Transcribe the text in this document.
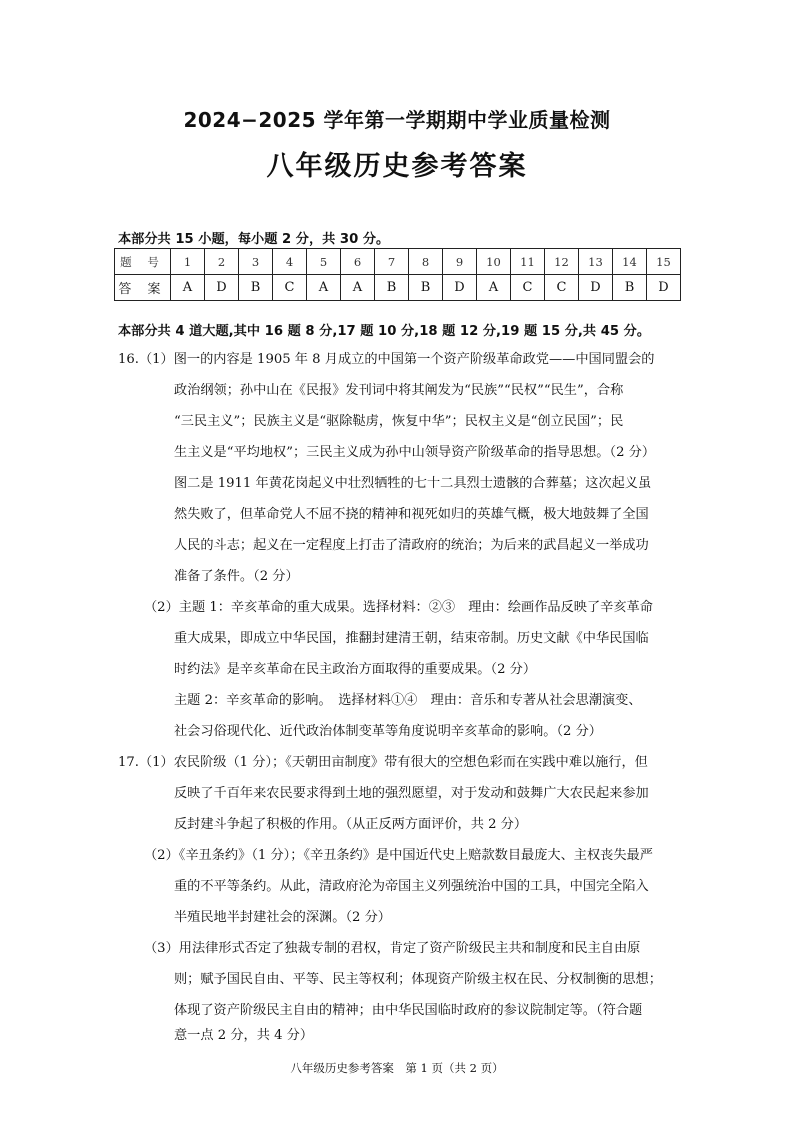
2024−2025 学年第一学期期中学业质量检测
八年级历史参考答案
本部分共 15 小题，每小题 2 分，共 30 分。
题 号	1	2	3	4	5	6	7	8	9	10	11	12	13	14	15
答 案	A	D	B	C	A	A	B	B	D	A	C	C	D	B	D
本部分共 4 道大题,其中 16 题 8 分,17 题 10 分,18 题 12 分,19 题 15 分,共 45 分。
16.（1）图一的内容是 1905 年 8 月成立的中国第一个资产阶级革命政党——中国同盟会的
政治纲领；孙中山在《民报》发刊词中将其阐发为“民族”“民权”“民生”，合称
“三民主义”；民族主义是“驱除鞑虏，恢复中华”；民权主义是“创立民国”；民
生主义是“平均地权”；三民主义成为孙中山领导资产阶级革命的指导思想。（2 分）
图二是 1911 年黄花岗起义中壮烈牺牲的七十二具烈士遗骸的合葬墓；这次起义虽
然失败了，但革命党人不屈不挠的精神和视死如归的英雄气概，极大地鼓舞了全国
人民的斗志；起义在一定程度上打击了清政府的统治；为后来的武昌起义一举成功
准备了条件。（2 分）
（2）主题 1：辛亥革命的重大成果。选择材料：②③　理由：绘画作品反映了辛亥革命
重大成果，即成立中华民国，推翻封建清王朝，结束帝制。历史文献《中华民国临
时约法》是辛亥革命在民主政治方面取得的重要成果。（2 分）
主题 2：辛亥革命的影响。　选择材料①④　理由：音乐和专著从社会思潮演变、
社会习俗现代化、近代政治体制变革等角度说明辛亥革命的影响。（2 分）
17.（1）农民阶级（1 分）；《天朝田亩制度》带有很大的空想色彩而在实践中难以施行，但
反映了千百年来农民要求得到土地的强烈愿望，对于发动和鼓舞广大农民起来参加
反封建斗争起了积极的作用。（从正反两方面评价，共 2 分）
（2）《辛丑条约》（1 分）；《辛丑条约》是中国近代史上赔款数目最庞大、主权丧失最严
重的不平等条约。从此，清政府沦为帝国主义列强统治中国的工具，中国完全陷入
半殖民地半封建社会的深渊。（2 分）
（3）用法律形式否定了独裁专制的君权，肯定了资产阶级民主共和制度和民主自由原
则；赋予国民自由、平等、民主等权利；体现资产阶级主权在民、分权制衡的思想；
体现了资产阶级民主自由的精神；由中华民国临时政府的参议院制定等。（符合题
意一点 2 分，共 4 分）
八年级历史参考答案　第 1 页（共 2 页）
